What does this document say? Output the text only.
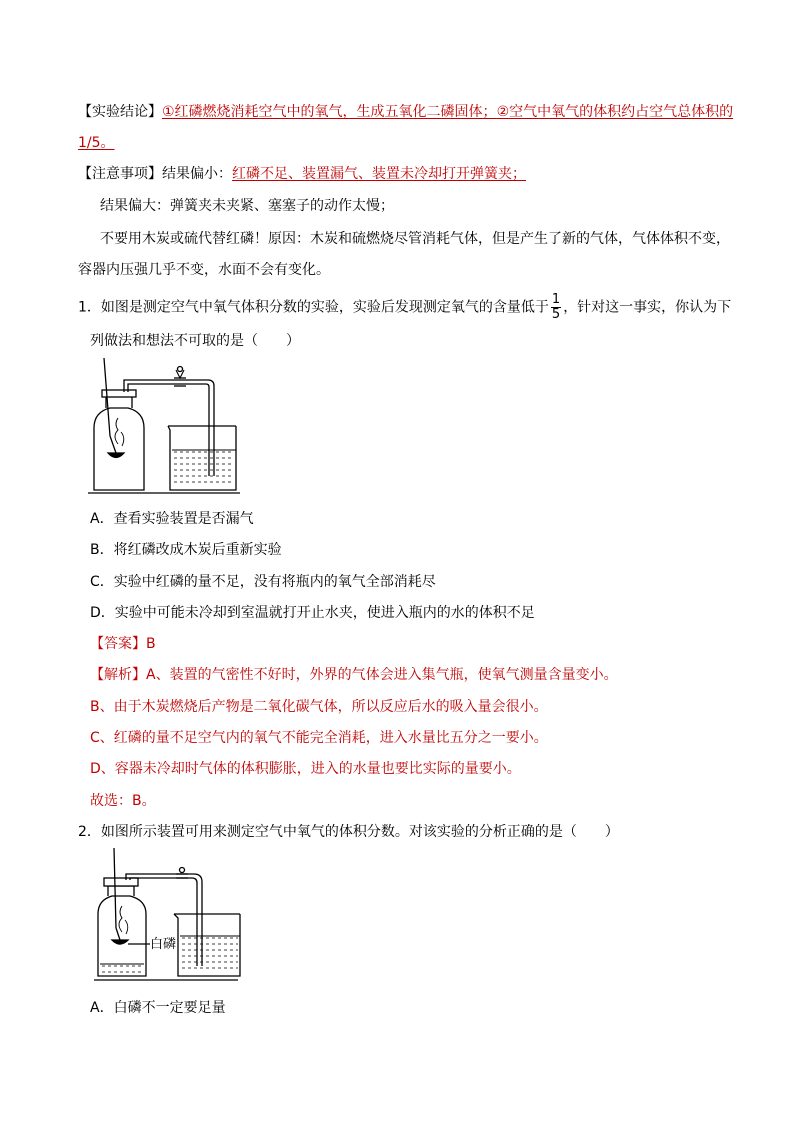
【实验结论】①红磷燃烧消耗空气中的氧气，生成五氧化二磷固体；②空气中氧气的体积约占空气总体积的
1/5。
【注意事项】结果偏小：红磷不足、装置漏气、装置未冷却打开弹簧夹；
结果偏大：弹簧夹未夹紧、塞塞子的动作太慢；
不要用木炭或硫代替红磷！原因：木炭和硫燃烧尽管消耗气体，但是产生了新的气体，气体体积不变，
容器内压强几乎不变，水面不会有变化。
1．如图是测定空气中氧气体积分数的实验，实验后发现测定氧气的含量低于 $\frac{1}{5}$ ，针对这一事实，你认为下
列做法和想法不可取的是（　　）
A．查看实验装置是否漏气
B．将红磷改成木炭后重新实验
C．实验中红磷的量不足，没有将瓶内的氧气全部消耗尽
D．实验中可能未冷却到室温就打开止水夹，使进入瓶内的水的体积不足
【答案】B
【解析】A、装置的气密性不好时，外界的气体会进入集气瓶，使氧气测量含量变小。
B、由于木炭燃烧后产物是二氧化碳气体，所以反应后水的吸入量会很小。
C、红磷的量不足空气内的氧气不能完全消耗，进入水量比五分之一要小。
D、容器未冷却时气体的体积膨胀，进入的水量也要比实际的量要小。
故选：B。
2．如图所示装置可用来测定空气中氧气的体积分数。对该实验的分析正确的是（　　）
白磷
A．白磷不一定要足量
